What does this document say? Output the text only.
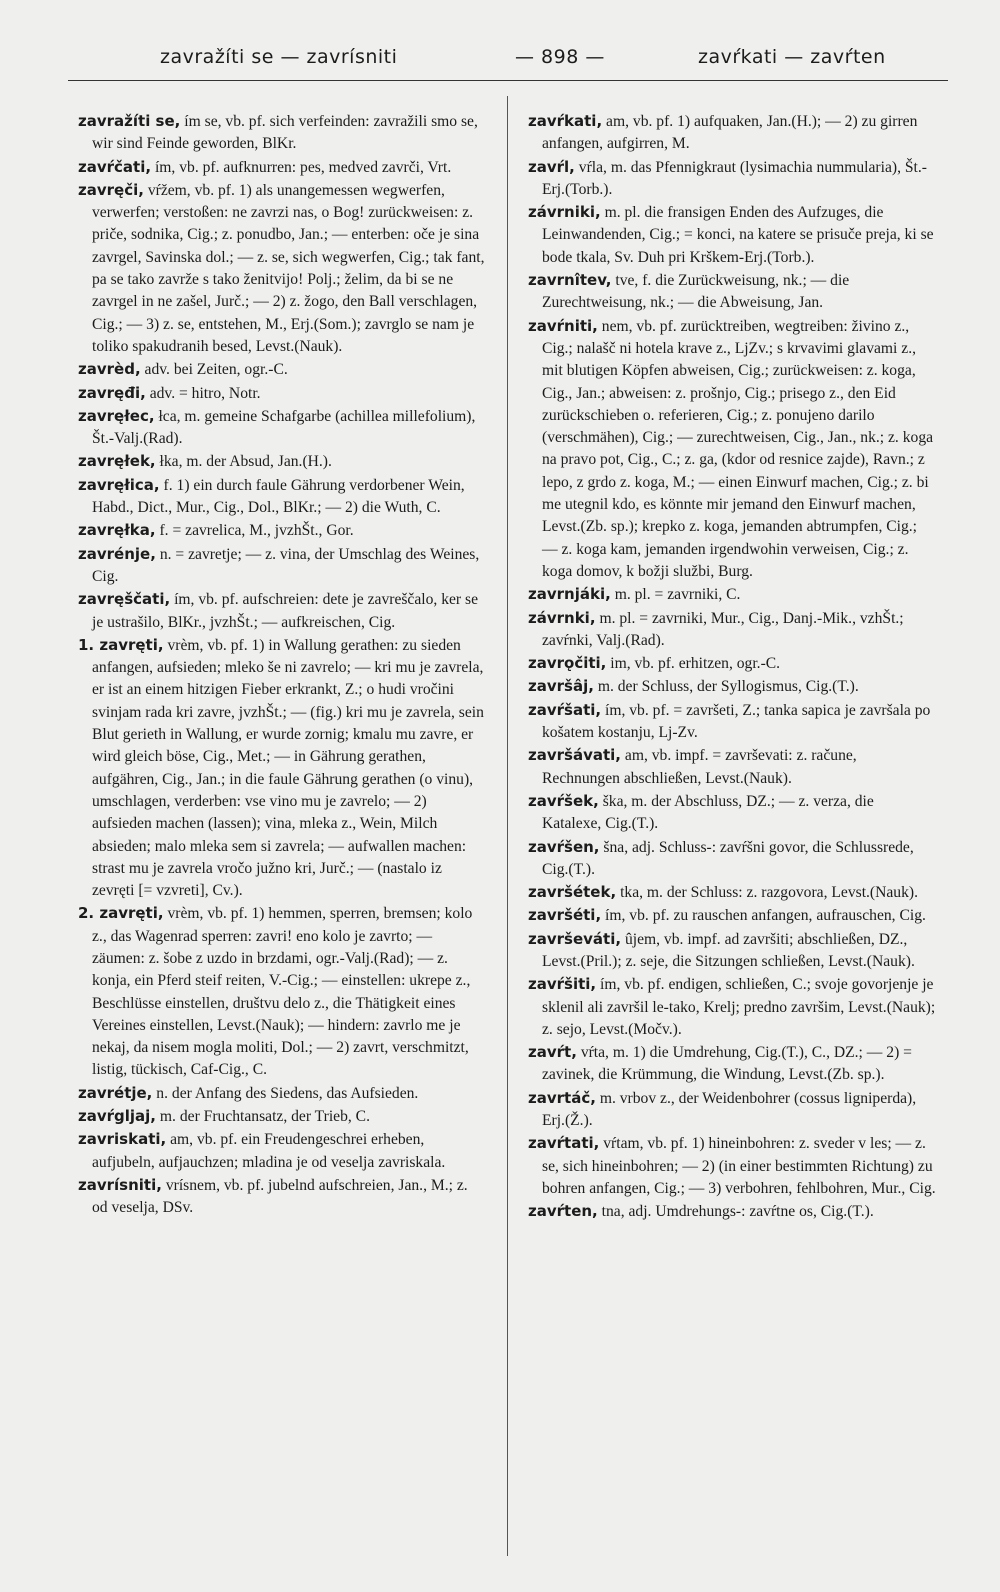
zavražíti se — zavrísniti	— 898 —	zavŕkati — zavŕten
zavražíti se, ím se, vb. pf. sich verfeinden: zavražili smo se, wir sind Feinde geworden, BlKr.
zavŕčati, ím, vb. pf. aufknurren: pes, medved zavrči, Vrt.
zavręči, vŕžem, vb. pf. 1) als unangemessen wegwerfen, verwerfen; verstoßen: ne zavrzi nas, o Bog! zurückweisen: z. priče, sodnika, Cig.; z. ponudbo, Jan.; — enterben: oče je sina zavrgel, Savinska dol.; — z. se, sich wegwerfen, Cig.; tak fant, pa se tako zavrže s tako ženitvijo! Polj.; želim, da bi se ne zavrgel in ne zašel, Jurč.; — 2) z. žogo, den Ball verschlagen, Cig.; — 3) z. se, entstehen, M., Erj.(Som.); zavrglo se nam je toliko spakudranih besed, Levst.(Nauk).
zavrèd, adv. bei Zeiten, ogr.-C.
zavręđi, adv. = hitro, Notr.
zavręłec, łca, m. gemeine Schafgarbe (achillea millefolium), Št.-Valj.(Rad).
zavręłek, łka, m. der Absud, Jan.(H.).
zavręłica, f. 1) ein durch faule Gährung verdorbener Wein, Habd., Dict., Mur., Cig., Dol., BlKr.; — 2) die Wuth, C.
zavręłka, f. = zavrelica, M., jvzhŠt., Gor.
zavrénje, n. = zavretje; — z. vina, der Umschlag des Weines, Cig.
zavręščati, ím, vb. pf. aufschreien: dete je zavreščalo, ker se je ustrašilo, BlKr., jvzhŠt.; — aufkreischen, Cig.
1. zavręti, vrèm, vb. pf. 1) in Wallung gerathen: zu sieden anfangen, aufsieden; mleko še ni zavrelo; — kri mu je zavrela, er ist an einem hitzigen Fieber erkrankt, Z.; o hudi vročini svinjam rada kri zavre, jvzhŠt.; — (fig.) kri mu je zavrela, sein Blut gerieth in Wallung, er wurde zornig; kmalu mu zavre, er wird gleich böse, Cig., Met.; — in Gährung gerathen, aufgähren, Cig., Jan.; in die faule Gährung gerathen (o vinu), umschlagen, verderben: vse vino mu je zavrelo; — 2) aufsieden machen (lassen); vina, mleka z., Wein, Milch absieden; malo mleka sem si zavrela; — aufwallen machen: strast mu je zavrela vročo južno kri, Jurč.; — (nastalo iz zevręti [= vzvreti], Cv.).
2. zavręti, vrèm, vb. pf. 1) hemmen, sperren, bremsen; kolo z., das Wagenrad sperren: zavri! eno kolo je zavrto; — zäumen: z. šobe z uzdo in brzdami, ogr.-Valj.(Rad); — z. konja, ein Pferd steif reiten, V.-Cig.; — einstellen: ukrepe z., Beschlüsse einstellen, društvu delo z., die Thätigkeit eines Vereines einstellen, Levst.(Nauk); — hindern: zavrlo me je nekaj, da nisem mogla moliti, Dol.; — 2) zavrt, verschmitzt, listig, tückisch, Caf-Cig., C.
zavrétje, n. der Anfang des Siedens, das Aufsieden.
zavŕgljaj, m. der Fruchtansatz, der Trieb, C.
zavriskati, am, vb. pf. ein Freudengeschrei erheben, aufjubeln, aufjauchzen; mladina je od veselja zavriskala.
zavrísniti, vrísnem, vb. pf. jubelnd aufschreien, Jan., M.; z. od veselja, DSv.
zavŕkati, am, vb. pf. 1) aufquaken, Jan.(H.); — 2) zu girren anfangen, aufgirren, M.
zavŕl, vŕla, m. das Pfennigkraut (lysimachia nummularia), Št.-Erj.(Torb.).
závrniki, m. pl. die fransigen Enden des Aufzuges, die Leinwandenden, Cig.; = konci, na katere se prisuče preja, ki se bode tkala, Sv. Duh pri Krškem-Erj.(Torb.).
zavrnîtev, tve, f. die Zurückweisung, nk.; — die Zurechtweisung, nk.; — die Abweisung, Jan.
zavŕniti, nem, vb. pf. zurücktreiben, wegtreiben: živino z., Cig.; nalašč ni hotela krave z., LjZv.; s krvavimi glavami z., mit blutigen Köpfen abweisen, Cig.; zurückweisen: z. koga, Cig., Jan.; abweisen: z. prošnjo, Cig.; prisego z., den Eid zurückschieben o. referieren, Cig.; z. ponujeno darilo (verschmähen), Cig.; — zurechtweisen, Cig., Jan., nk.; z. koga na pravo pot, Cig., C.; z. ga, (kdor od resnice zajde), Ravn.; z lepo, z grdo z. koga, M.; — einen Einwurf machen, Cig.; z. bi me utegnil kdo, es könnte mir jemand den Einwurf machen, Levst.(Zb. sp.); krepko z. koga, jemanden abtrumpfen, Cig.; — z. koga kam, jemanden irgendwohin verweisen, Cig.; z. koga domov, k božji službi, Burg.
zavrnjáki, m. pl. = zavrniki, C.
závrnki, m. pl. = zavrniki, Mur., Cig., Danj.-Mik., vzhŠt.; zavŕnki, Valj.(Rad).
zavrǫčiti, im, vb. pf. erhitzen, ogr.-C.
završâj, m. der Schluss, der Syllogismus, Cig.(T.).
zavŕšati, ím, vb. pf. = završeti, Z.; tanka sapica je završala po košatem kostanju, Lj-Zv.
završávati, am, vb. impf. = završevati: z. račune, Rechnungen abschließen, Levst.(Nauk).
zavŕšek, ška, m. der Abschluss, DZ.; — z. verza, die Katalexe, Cig.(T.).
zavŕšen, šna, adj. Schluss-: zavŕšni govor, die Schlussrede, Cig.(T.).
završétek, tka, m. der Schluss: z. razgovora, Levst.(Nauk).
završéti, ím, vb. pf. zu rauschen anfangen, aufrauschen, Cig.
završeváti, ûjem, vb. impf. ad završiti; abschließen, DZ., Levst.(Pril.); z. seje, die Sitzungen schließen, Levst.(Nauk).
zavŕšiti, ím, vb. pf. endigen, schließen, C.; svoje govorjenje je sklenil ali završil le-tako, Krelj; predno završim, Levst.(Nauk); z. sejo, Levst.(Močv.).
zavŕt, vŕta, m. 1) die Umdrehung, Cig.(T.), C., DZ.; — 2) = zavinek, die Krümmung, die Windung, Levst.(Zb. sp.).
zavrtáč, m. vrbov z., der Weidenbohrer (cossus ligniperda), Erj.(Ž.).
zavŕtati, vŕtam, vb. pf. 1) hineinbohren: z. sveder v les; — z. se, sich hineinbohren; — 2) (in einer bestimmten Richtung) zu bohren anfangen, Cig.; — 3) verbohren, fehlbohren, Mur., Cig.
zavŕten, tna, adj. Umdrehungs-: zavŕtne os, Cig.(T.).
